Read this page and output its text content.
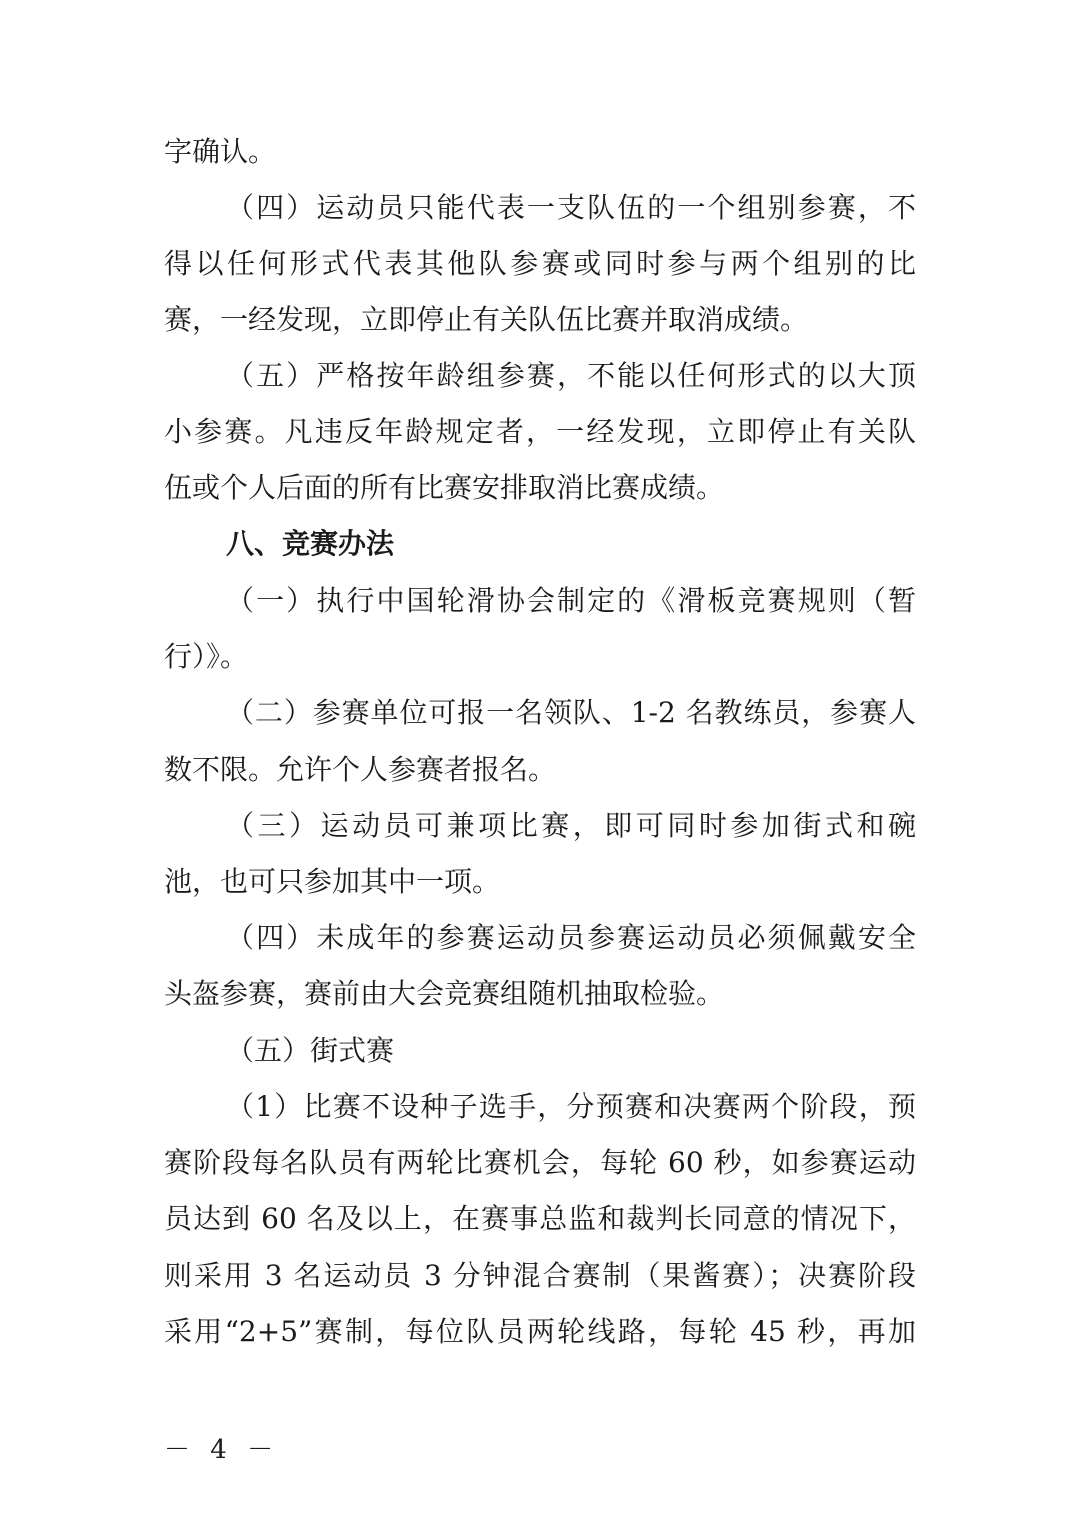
字确认。
（四）运动员只能代表一支队伍的一个组别参赛，不
得以任何形式代表其他队参赛或同时参与两个组别的比
赛，一经发现，立即停止有关队伍比赛并取消成绩。
（五）严格按年龄组参赛，不能以任何形式的以大顶
小参赛。凡违反年龄规定者，一经发现，立即停止有关队
伍或个人后面的所有比赛安排取消比赛成绩。
八、竞赛办法
（一）执行中国轮滑协会制定的《滑板竞赛规则（暂
行）》。
（二）参赛单位可报一名领队、1-2 名教练员，参赛人
数不限。允许个人参赛者报名。
（三）运动员可兼项比赛，即可同时参加街式和碗
池，也可只参加其中一项。
（四）未成年的参赛运动员参赛运动员必须佩戴安全
头盔参赛，赛前由大会竞赛组随机抽取检验。
（五）街式赛
（1）比赛不设种子选手，分预赛和决赛两个阶段，预
赛阶段每名队员有两轮比赛机会，每轮 60 秒，如参赛运动
员达到 60 名及以上，在赛事总监和裁判长同意的情况下，
则采用 3 名运动员 3 分钟混合赛制（果酱赛）；决赛阶段
采用“2+5”赛制，每位队员两轮线路，每轮 45 秒，再加
－ 4 －
